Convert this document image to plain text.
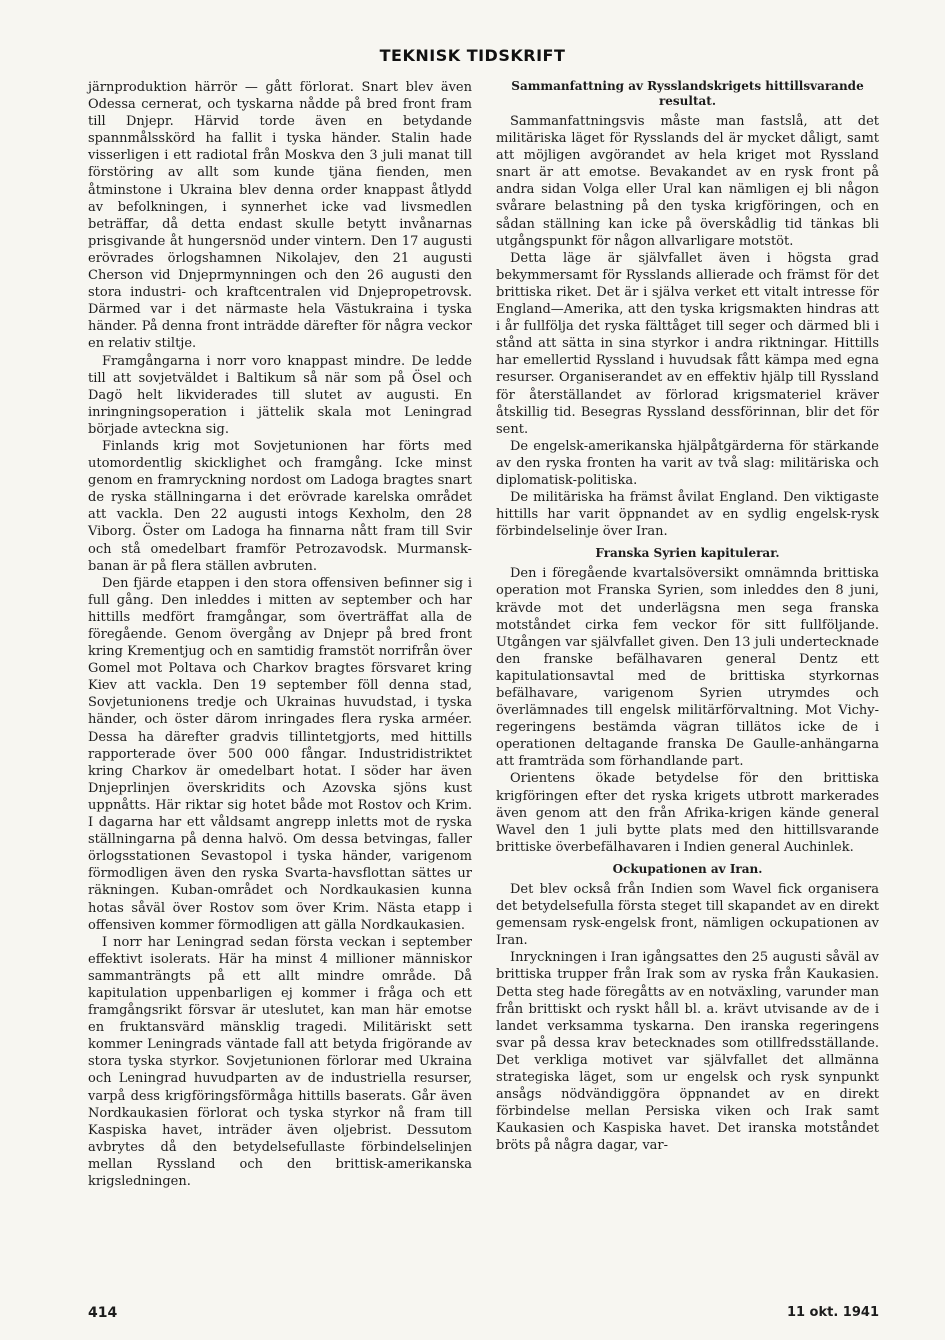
TEKNISK TIDSKRIFT

järnproduktion härrör — gått förlorat. Snart blev även Odessa cernerat, och tyskarna nådde på bred front fram till Dnjepr. Härvid torde även en betydande spannmålsskörd ha fallit i tyska händer. Stalin hade visserligen i ett radiotal från Moskva den 3 juli manat till förstöring av allt som kunde tjäna fienden, men åtminstone i Ukraina blev denna order knappast åtlydd av befolkningen, i synnerhet icke vad livsmedlen beträffar, då detta endast skulle betytt invånarnas prisgivande åt hungersnöd under vintern. Den 17 augusti erövrades örlogshamnen Nikolajev, den 21 augusti Cherson vid Dnjeprmynningen och den 26 augusti den stora industri- och kraftcentralen vid Dnjepropetrovsk. Därmed var i det närmaste hela Västukraina i tyska händer. På denna front inträdde därefter för några veckor en relativ stiltje.

Framgångarna i norr voro knappast mindre. De ledde till att sovjetväldet i Baltikum så när som på Ösel och Dagö helt likviderades till slutet av augusti. En inringningsoperation i jättelik skala mot Leningrad började avteckna sig.

Finlands krig mot Sovjetunionen har förts med utomordentlig skicklighet och framgång. Icke minst genom en framryckning nordost om Ladoga bragtes snart de ryska ställningarna i det erövrade karelska området att vackla. Den 22 augusti intogs Kexholm, den 28 Viborg. Öster om Ladoga ha finnarna nått fram till Svir och stå omedelbart framför Petrozavodsk. Murmansk-banan är på flera ställen avbruten.

Den fjärde etappen i den stora offensiven befinner sig i full gång. Den inleddes i mitten av september och har hittills medfört framgångar, som överträffat alla de föregående. Genom övergång av Dnjepr på bred front kring Krementjug och en samtidig framstöt norrifrån över Gomel mot Poltava och Charkov bragtes försvaret kring Kiev att vackla. Den 19 september föll denna stad, Sovjetunionens tredje och Ukrainas huvudstad, i tyska händer, och öster därom inringades flera ryska arméer. Dessa ha därefter gradvis tillintetgjorts, med hittills rapporterade över 500 000 fångar. Industridistriktet kring Charkov är omedelbart hotat. I söder har även Dnjeprlinjen överskridits och Azovska sjöns kust uppnåtts. Här riktar sig hotet både mot Rostov och Krim. I dagarna har ett våldsamt angrepp inletts mot de ryska ställningarna på denna halvö. Om dessa betvingas, faller örlogsstationen Sevastopol i tyska händer, varigenom förmodligen även den ryska Svarta-havsflottan sättes ur räkningen. Kuban-området och Nordkaukasien kunna hotas såväl över Rostov som över Krim. Nästa etapp i offensiven kommer förmodligen att gälla Nordkaukasien.

I norr har Leningrad sedan första veckan i september effektivt isolerats. Här ha minst 4 millioner människor sammanträngts på ett allt mindre område. Då kapitulation uppenbarligen ej kommer i fråga och ett framgångsrikt försvar är uteslutet, kan man här emotse en fruktansvärd mänsklig tragedi. Militäriskt sett kommer Leningrads väntade fall att betyda frigörande av stora tyska styrkor. Sovjetunionen förlorar med Ukraina och Leningrad huvudparten av de industriella resurser, varpå dess krigföringsförmåga hittills baserats. Går även Nordkaukasien förlorat och tyska styrkor nå fram till Kaspiska havet, inträder även oljebrist. Dessutom avbrytes då den betydelsefullaste förbindelselinjen mellan Ryssland och den brittisk-amerikanska krigsledningen.

Sammanfattning av Rysslandskrigets hittillsvarande resultat.

Sammanfattningsvis måste man fastslå, att det militäriska läget för Rysslands del är mycket dåligt, samt att möjligen avgörandet av hela kriget mot Ryssland snart är att emotse. Bevakandet av en rysk front på andra sidan Volga eller Ural kan nämligen ej bli någon svårare belastning på den tyska krigföringen, och en sådan ställning kan icke på överskådlig tid tänkas bli utgångspunkt för någon allvarligare motstöt.

Detta läge är självfallet även i högsta grad bekymmersamt för Rysslands allierade och främst för det brittiska riket. Det är i själva verket ett vitalt intresse för England—Amerika, att den tyska krigsmakten hindras att i år fullfölja det ryska fälttåget till seger och därmed bli i stånd att sätta in sina styrkor i andra riktningar. Hittills har emellertid Ryssland i huvudsak fått kämpa med egna resurser. Organiserandet av en effektiv hjälp till Ryssland för återställandet av förlorad krigsmateriel kräver åtskillig tid. Besegras Ryssland dessförinnan, blir det för sent.

De engelsk-amerikanska hjälpåtgärderna för stärkande av den ryska fronten ha varit av två slag: militäriska och diplomatisk-politiska.

De militäriska ha främst åvilat England. Den viktigaste hittills har varit öppnandet av en sydlig engelsk-rysk förbindelselinje över Iran.

Franska Syrien kapitulerar.

Den i föregående kvartalsöversikt omnämnda brittiska operation mot Franska Syrien, som inleddes den 8 juni, krävde mot det underlägsna men sega franska motståndet cirka fem veckor för sitt fullföljande. Utgången var självfallet given. Den 13 juli undertecknade den franske befälhavaren general Dentz ett kapitulationsavtal med de brittiska styrkornas befälhavare, varigenom Syrien utrymdes och överlämnades till engelsk militärförvaltning. Mot Vichy-regeringens bestämda vägran tillätos icke de i operationen deltagande franska De Gaulle-anhängarna att framträda som förhandlande part.

Orientens ökade betydelse för den brittiska krigföringen efter det ryska krigets utbrott markerades även genom att den från Afrika-krigen kände general Wavel den 1 juli bytte plats med den hittillsvarande brittiske överbefälhavaren i Indien general Auchinlek.

Ockupationen av Iran.

Det blev också från Indien som Wavel fick organisera det betydelsefulla första steget till skapandet av en direkt gemensam rysk-engelsk front, nämligen ockupationen av Iran.

Inryckningen i Iran igångsattes den 25 augusti såväl av brittiska trupper från Irak som av ryska från Kaukasien. Detta steg hade föregåtts av en notväxling, varunder man från brittiskt och ryskt håll bl. a. krävt utvisande av de i landet verksamma tyskarna. Den iranska regeringens svar på dessa krav betecknades som otillfredsställande. Det verkliga motivet var självfallet det allmänna strategiska läget, som ur engelsk och rysk synpunkt ansågs nödvändiggöra öppnandet av en direkt förbindelse mellan Persiska viken och Irak samt Kaukasien och Kaspiska havet. Det iranska motståndet bröts på några dagar, var-

414	11 okt. 1941
